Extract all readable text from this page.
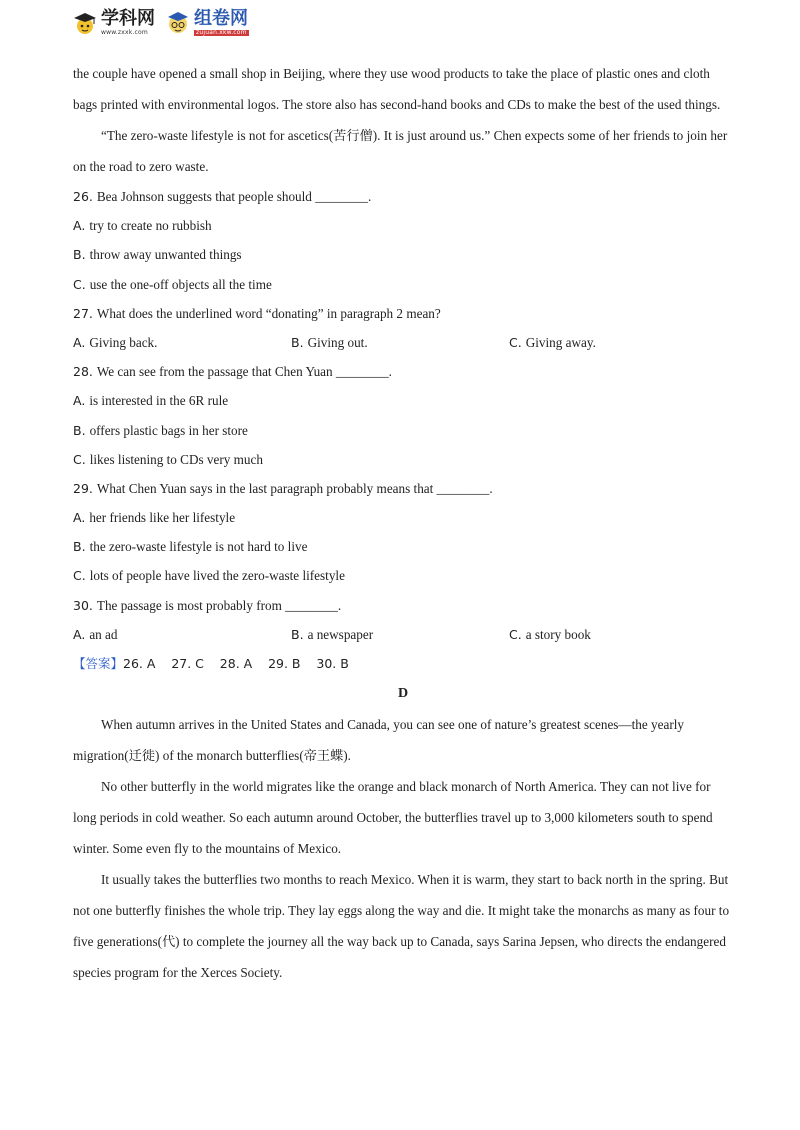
学科网
www.zxxk.com
组卷网
zujuan.xkw.com

the couple have opened a small shop in Beijing, where they use wood products to take the place of plastic ones and cloth bags printed with environmental logos. The store also has second-hand books and CDs to make the best of the used things.

“The zero-waste lifestyle is not for ascetics(苦行僧). It is just around us.” Chen expects some of her friends to join her on the road to zero waste.

26. Bea Johnson suggests that people should ________.
A. try to create no rubbish
B. throw away unwanted things
C. use the one-off objects all the time
27. What does the underlined word “donating” in paragraph 2 mean?
A. Giving back.	B. Giving out.	C. Giving away.
28. We can see from the passage that Chen Yuan ________.
A. is interested in the 6R rule
B. offers plastic bags in her store
C. likes listening to CDs very much
29. What Chen Yuan says in the last paragraph probably means that ________.
A. her friends like her lifestyle
B. the zero-waste lifestyle is not hard to live
C. lots of people have lived the zero-waste lifestyle
30. The passage is most probably from ________.
A. an ad	B. a newspaper	C. a story book
【答案】26. A    27. C    28. A    29. B    30. B
D

When autumn arrives in the United States and Canada, you can see one of nature’s greatest scenes—the yearly migration(迁徙) of the monarch butterflies(帝王蝶).

No other butterfly in the world migrates like the orange and black monarch of North America. They can not live for long periods in cold weather. So each autumn around October, the butterflies travel up to 3,000 kilometers south to spend winter. Some even fly to the mountains of Mexico.

It usually takes the butterflies two months to reach Mexico. When it is warm, they start to back north in the spring. But not one butterfly finishes the whole trip. They lay eggs along the way and die. It might take the monarchs as many as four to five generations(代) to complete the journey all the way back up to Canada, says Sarina Jepsen, who directs the endangered species program for the Xerces Society.
